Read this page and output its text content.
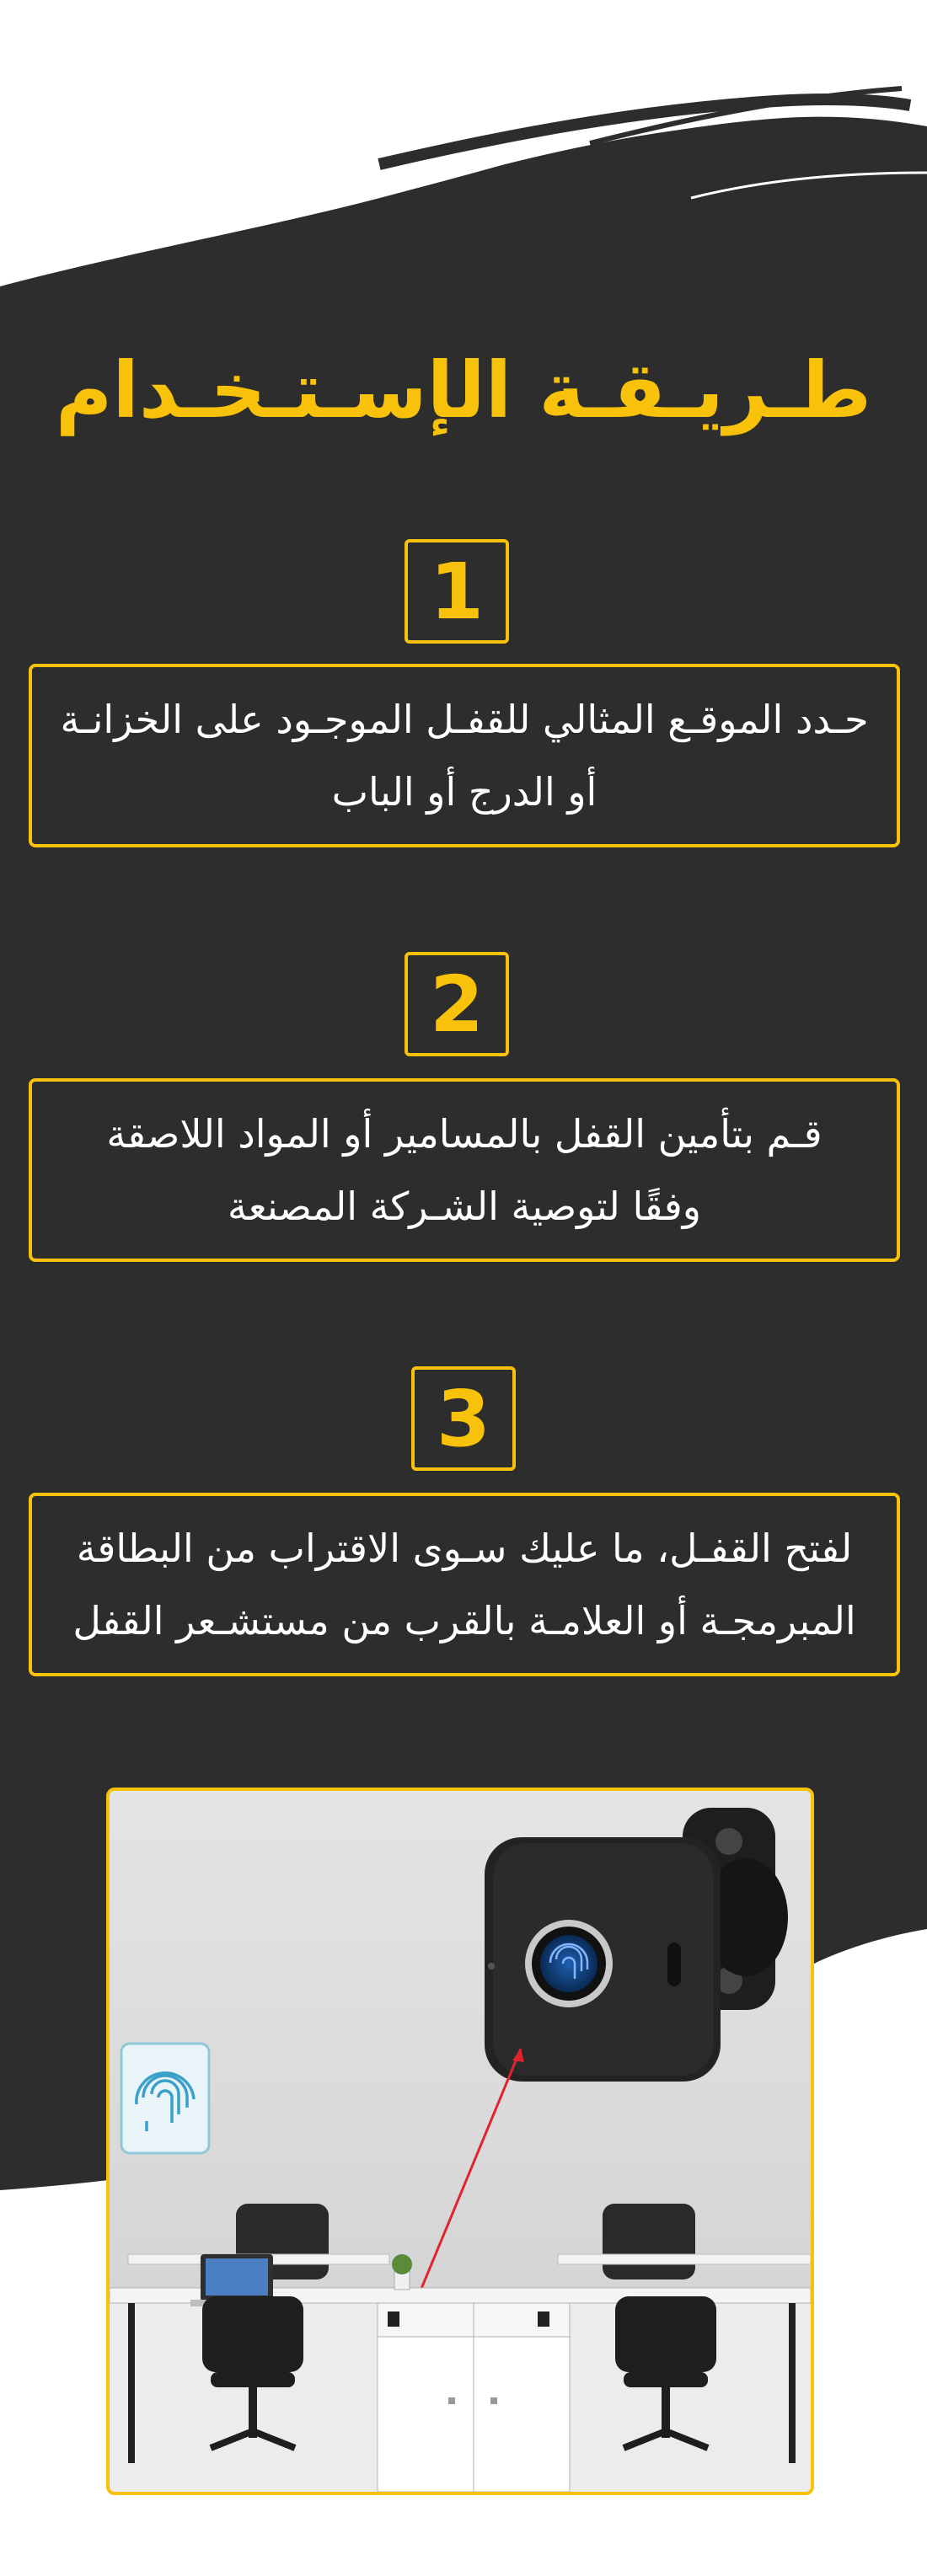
طـريـقـة الإسـتـخـدام
1

حـدد الموقـع المثالي للقفـل الموجـود على الخزانـة
أو الدرج أو الباب

2

قـم بتأمين القفل بالمسامير أو المواد اللاصقة
وفقًا لتوصية الشـركة المصنعة

3

لفتح القفـل، ما عليك سـوى الاقتراب من البطاقة
المبرمجـة أو العلامـة بالقرب من مستشـعر القفل
